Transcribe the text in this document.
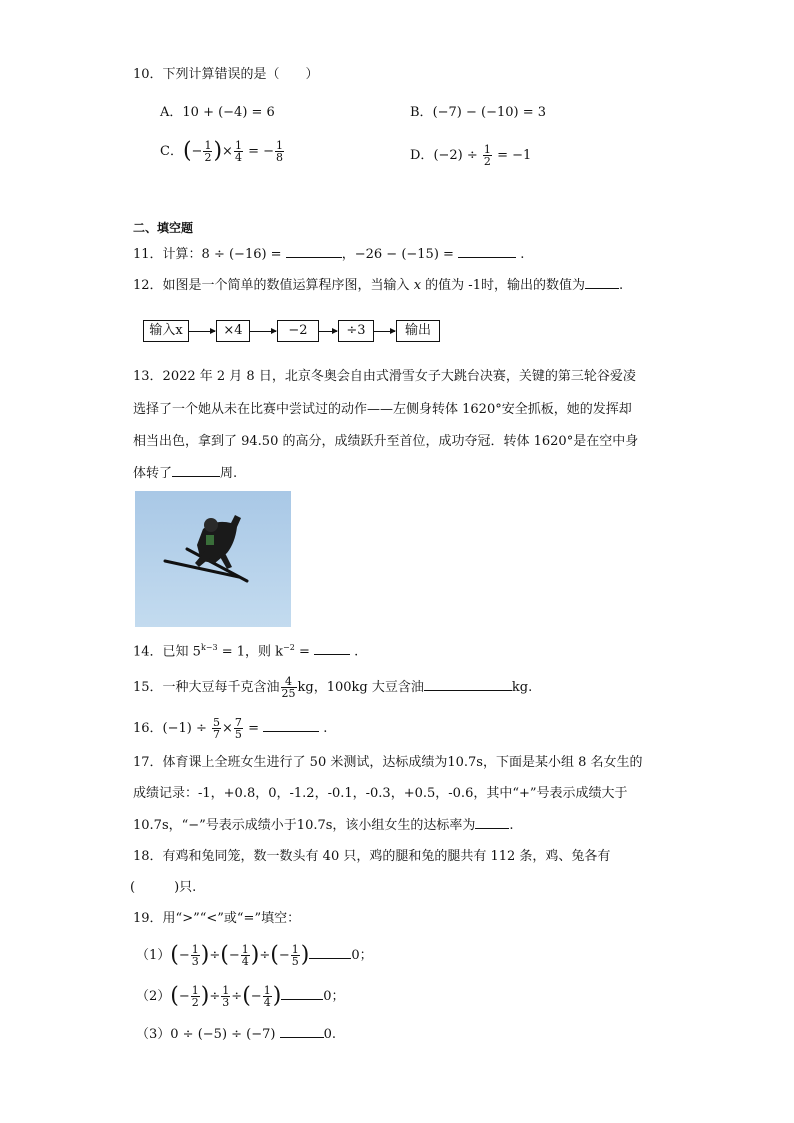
10．下列计算错误的是（　　）
A．10 + (−4) = 6	B．(−7) − (−10) = 3
C．(− $\frac{1}{2}$ )× $\frac{1}{4}$ = − $\frac{1}{8}$	D．$(-2) \div \frac{1}{2} = -1$
二、填空题
11．计算：8 ÷ (−16) =	，−26 − (−15) =	.
12．如图是一个简单的数值运算程序图，当输入 x 的值为 -1时，输出的数值为	.
输入x	×4	−2	÷3	输出
13．2022 年 2 月 8 日，北京冬奥会自由式滑雪女子大跳台决赛，关键的第三轮谷爱凌
选择了一个她从未在比赛中尝试过的动作——左侧身转体 1620°安全抓板，她的发挥却
相当出色，拿到了 94.50 的高分，成绩跃升至首位，成功夺冠．转体 1620°是在空中身
体转了	周.
14．已知 $5^{k-3} = 1$，则 $k^{-2}$ =	.
15．一种大豆每千克含油 $\frac{4}{25}$ kg，100kg 大豆含油	kg.
16．$(-1) \div \frac{5}{7} \times \frac{7}{5}$ =	.
17．体育课上全班女生进行了 50 米测试，达标成绩为10.7s，下面是某小组 8 名女生的
成绩记录：-1，+0.8，0，-1.2，-0.1，-0.3，+0.5，-0.6，其中“+”号表示成绩大于
10.7s，“−”号表示成绩小于10.7s，该小组女生的达标率为	.
18．有鸡和兔同笼，数一数头有 40 只，鸡的腿和兔的腿共有 112 条，鸡、兔各有
(　　　)只.
19．用“>”“<”或“=”填空：
$(1)(- \frac{1}{3}$ )÷(− $\frac{1}{4}$ )÷(− $\frac{1}{5}$ )	0；
$(2)(- \frac{1}{2}$ )÷ $\frac{1}{3}$ ÷(− $\frac{1}{4}$ )	0；
（3）0 ÷ (−5) ÷ (−7)	0.
